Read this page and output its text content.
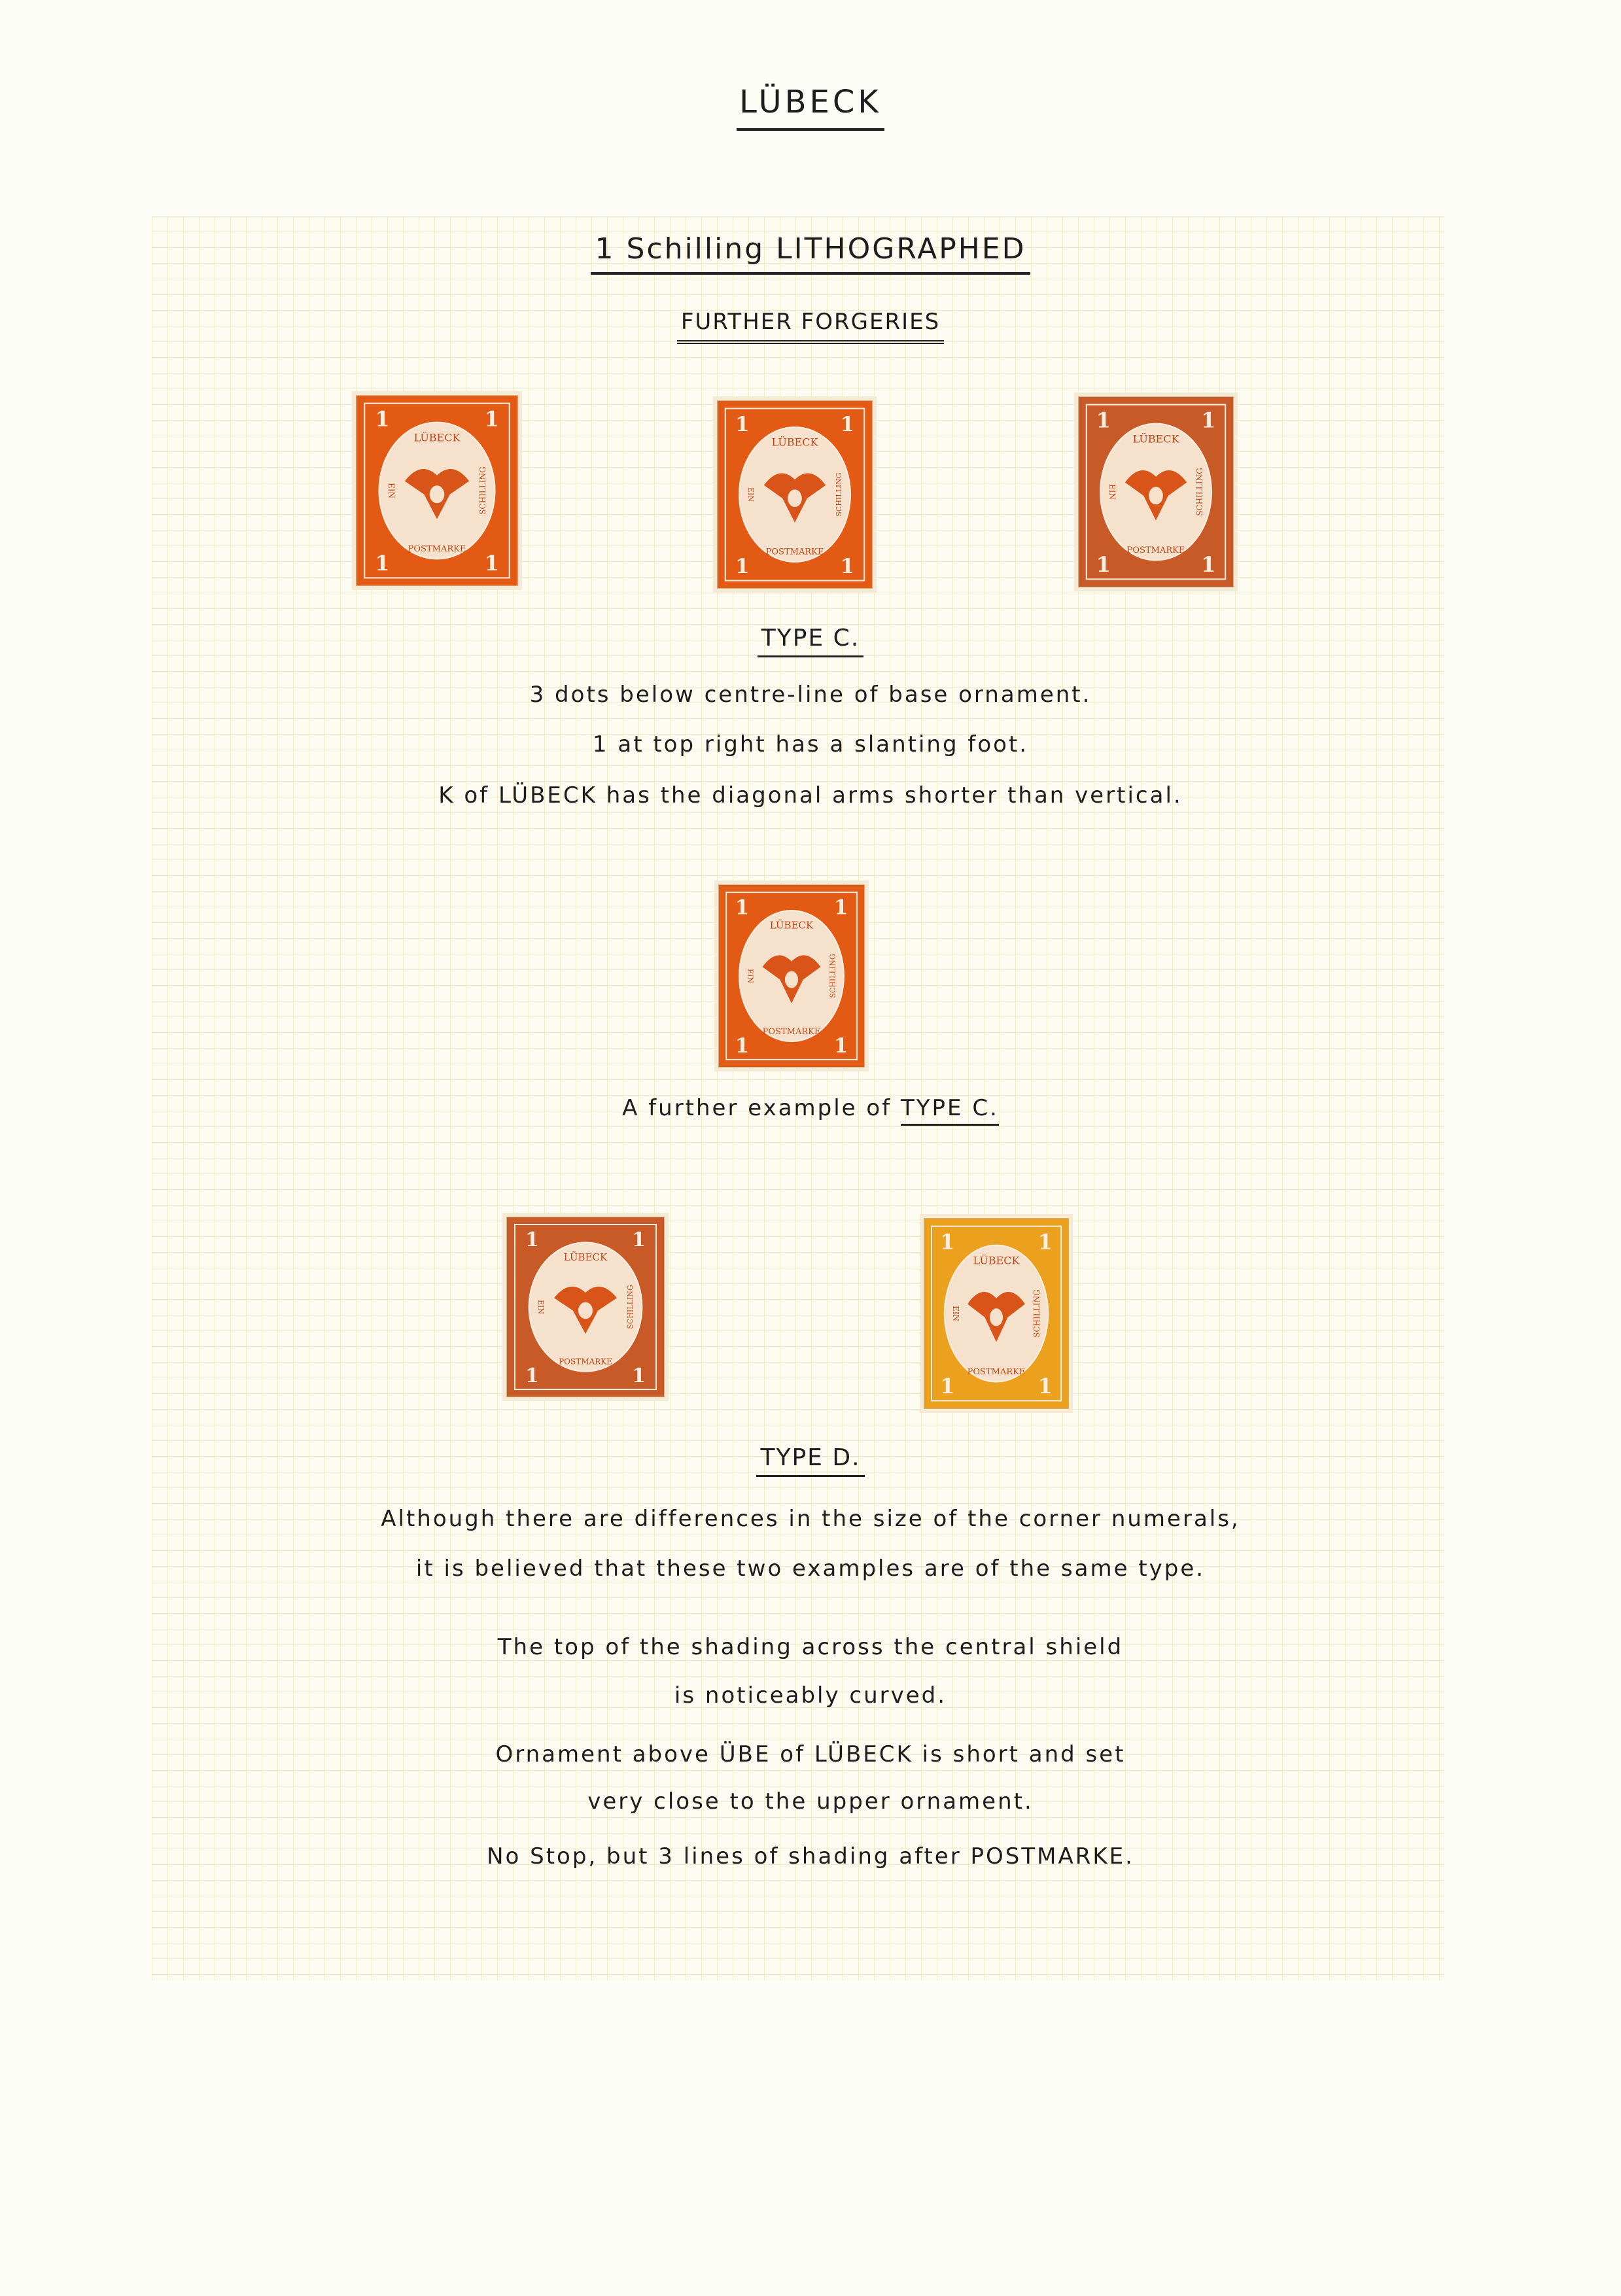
LÜBECK
1 Schilling LITHOGRAPHED
FURTHER FORGERIES
1	1
1	1
LÜBECK
POSTMARKE
EIN	SCHILLING
1	1
1	1
LÜBECK
POSTMARKE
EIN	SCHILLING
1	1
1	1
LÜBECK
POSTMARKE
EIN	SCHILLING
TYPE C.
3 dots below centre-line of base ornament.
1 at top right has a slanting foot.
K of LÜBECK has the diagonal arms shorter than vertical.
1	1
1	1
LÜBECK
POSTMARKE
EIN	SCHILLING
A further example of TYPE C.
1	1
1	1
LÜBECK
POSTMARKE
EIN	SCHILLING
1	1
1	1
LÜBECK
POSTMARKE
EIN	SCHILLING
TYPE D.
Although there are differences in the size of the corner numerals,
it is believed that these two examples are of the same type.
The top of the shading across the central shield
is noticeably curved.
Ornament above ÜBE of LÜBECK is short and set
very close to the upper ornament.
No Stop, but 3 lines of shading after POSTMARKE.
